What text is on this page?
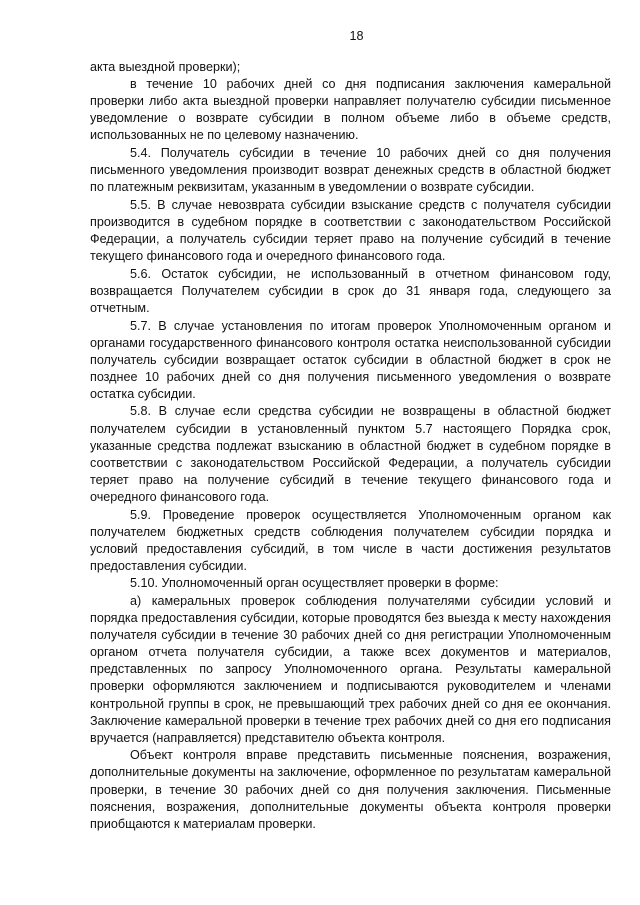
18

акта выездной проверки);

в течение 10 рабочих дней со дня подписания заключения камеральной проверки либо акта выездной проверки направляет получателю субсидии письменное уведомление о возврате субсидии в полном объеме либо в объеме средств, использованных не по целевому назначению.

5.4. Получатель субсидии в течение 10 рабочих дней со дня получения письменного уведомления производит возврат денежных средств в областной бюджет по платежным реквизитам, указанным в уведомлении о возврате субсидии.

5.5. В случае невозврата субсидии взыскание средств с получателя субсидии производится в судебном порядке в соответствии с законодательством Российской Федерации, а получатель субсидии теряет право на получение субсидий в течение текущего финансового года и очередного финансового года.

5.6. Остаток субсидии, не использованный в отчетном финансовом году, возвращается Получателем субсидии в срок до 31 января года, следующего за отчетным.

5.7. В случае установления по итогам проверок Уполномоченным органом и органами государственного финансового контроля остатка неиспользованной субсидии получатель субсидии возвращает остаток субсидии в областной бюджет в срок не позднее 10 рабочих дней со дня получения письменного уведомления о возврате остатка субсидии.

5.8. В случае если средства субсидии не возвращены в областной бюджет получателем субсидии в установленный пунктом 5.7 настоящего Порядка срок, указанные средства подлежат взысканию в областной бюджет в судебном порядке в соответствии с законодательством Российской Федерации, а получатель субсидии теряет право на получение субсидий в течение текущего финансового года и очередного финансового года.

5.9. Проведение проверок осуществляется Уполномоченным органом как получателем бюджетных средств соблюдения получателем субсидии порядка и условий предоставления субсидий, в том числе в части достижения результатов предоставления субсидии.

5.10. Уполномоченный орган осуществляет проверки в форме:

а) камеральных проверок соблюдения получателями субсидии условий и порядка предоставления субсидии, которые проводятся без выезда к месту нахождения получателя субсидии в течение 30 рабочих дней со дня регистрации Уполномоченным органом отчета получателя субсидии, а также всех документов и материалов, представленных по запросу Уполномоченного органа. Результаты камеральной проверки оформляются заключением и подписываются руководителем и членами контрольной группы в срок, не превышающий трех рабочих дней со дня ее окончания. Заключение камеральной проверки в течение трех рабочих дней со дня его подписания вручается (направляется) представителю объекта контроля.

Объект контроля вправе представить письменные пояснения, возражения, дополнительные документы на заключение, оформленное по результатам камеральной проверки, в течение 30 рабочих дней со дня получения заключения. Письменные пояснения, возражения, дополнительные документы объекта контроля проверки приобщаются к материалам проверки.
